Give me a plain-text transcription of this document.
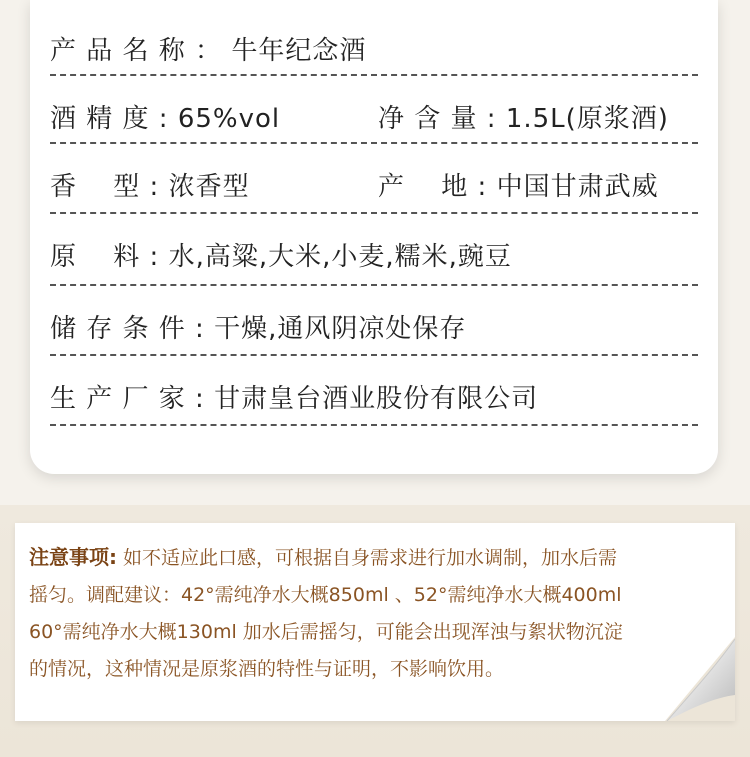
产 品 名 称 ： 牛年纪念酒
酒 精 度 : 65%vol	净 含 量 : 1.5L(原浆酒)
香　 型 : 浓香型	产　 地 : 中国甘肃武威
原　 料 : 水,高粱,大米,小麦,糯米,豌豆
储 存 条 件 : 干燥,通风阴凉处保存
生 产 厂 家 : 甘肃皇台酒业股份有限公司
注意事项: 如不适应此口感，可根据自身需求进行加水调制，加水后需
摇匀。调配建议：42°需纯净水大概850ml 、52°需纯净水大概400ml
60°需纯净水大概130ml 加水后需摇匀，可能会出现浑浊与絮状物沉淀
的情况，这种情况是原浆酒的特性与证明，不影响饮用。
